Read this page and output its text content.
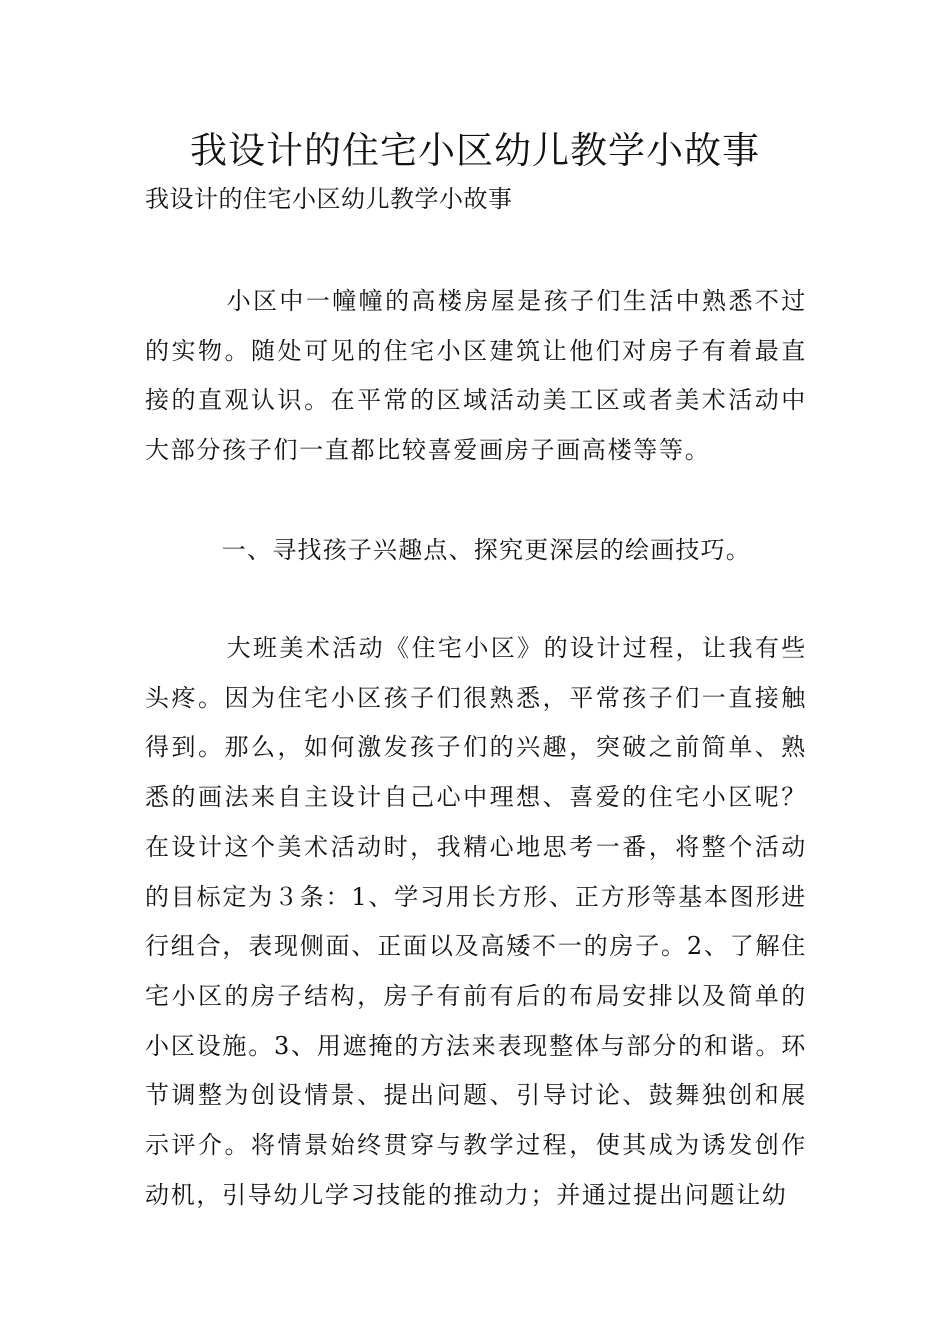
我设计的住宅小区幼儿教学小故事
我设计的住宅小区幼儿教学小故事

小区中一幢幢的高楼房屋是孩子们生活中熟悉不过的实物。随处可见的住宅小区建筑让他们对房子有着最直接的直观认识。在平常的区域活动美工区或者美术活动中大部分孩子们一直都比较喜爱画房子画高楼等等。

一、寻找孩子兴趣点、探究更深层的绘画技巧。

大班美术活动《住宅小区》的设计过程，让我有些头疼。因为住宅小区孩子们很熟悉，平常孩子们一直接触得到。那么，如何激发孩子们的兴趣，突破之前简单、熟悉的画法来自主设计自己心中理想、喜爱的住宅小区呢？在设计这个美术活动时，我精心地思考一番，将整个活动的目标定为３条：1、学习用长方形、正方形等基本图形进行组合，表现侧面、正面以及高矮不一的房子。2、了解住宅小区的房子结构，房子有前有后的布局安排以及简单的小区设施。3、用遮掩的方法来表现整体与部分的和谐。环节调整为创设情景、提出问题、引导讨论、鼓舞独创和展示评介。将情景始终贯穿与教学过程，使其成为诱发创作动机，引导幼儿学习技能的推动力；并通过提出问题让幼
